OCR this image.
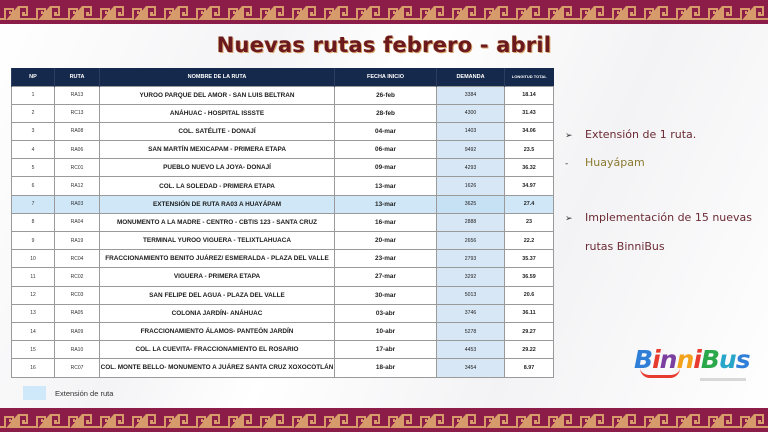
Nuevas rutas febrero - abril
NP	RUTA	NOMBRE DE LA RUTA	FECHA INICIO	DEMANDA	LONGITUD TOTAL
1	RA13	YUROO PARQUE DEL AMOR - SAN LUIS BELTRAN	26-feb	3384	18.14
2	RC13	ANÁHUAC - HOSPITAL ISSSTE	28-feb	4300	31.43
3	RA08	COL. SATÉLITE - DONAJÍ	04-mar	1403	34.06
4	RA06	SAN MARTÍN MEXICAPAM - PRIMERA ETAPA	06-mar	9492	23.5
5	RC01	PUEBLO NUEVO LA JOYA- DONAJÍ	09-mar	4293	36.32
6	RA12	COL. LA SOLEDAD - PRIMERA ETAPA	13-mar	1626	34.97
7	RA03	EXTENSIÓN DE RUTA RA03 A HUAYÁPAM	13-mar	3625	27.4
8	RA04	MONUMENTO A LA MADRE - CENTRO - CBTIS 123 - SANTA CRUZ	16-mar	2888	23
9	RA19	TERMINAL YUROO VIGUERA - TELIXTLAHUACA	20-mar	2656	22.2
10	RC04	FRACCIONAMIENTO BENITO JUÁREZ/ ESMERALDA - PLAZA DEL VALLE	23-mar	2793	35.37
11	RC02	VIGUERA - PRIMERA ETAPA	27-mar	3292	36.59
12	RC03	SAN FELIPE DEL AGUA - PLAZA DEL VALLE	30-mar	5013	20.6
13	RA05	COLONIA JARDÍN- ANÁHUAC	03-abr	3746	36.11
14	RA09	FRACCIONAMIENTO ÁLAMOS- PANTEÓN JARDÍN	10-abr	5278	29.27
15	RA10	COL. LA CUEVITA- FRACCIONAMIENTO EL ROSARIO	17-abr	4453	29.22
16	RC07	COL. MONTE BELLO- MONUMENTO A JUÁREZ SANTA CRUZ XOXOCOTLÁN	18-abr	3454	8.97
Extensión de ruta
➢	Extensión de 1 ruta.
-	Huayápam
➢	Implementación de 15 nuevas
rutas BinniBus
BinniBus
